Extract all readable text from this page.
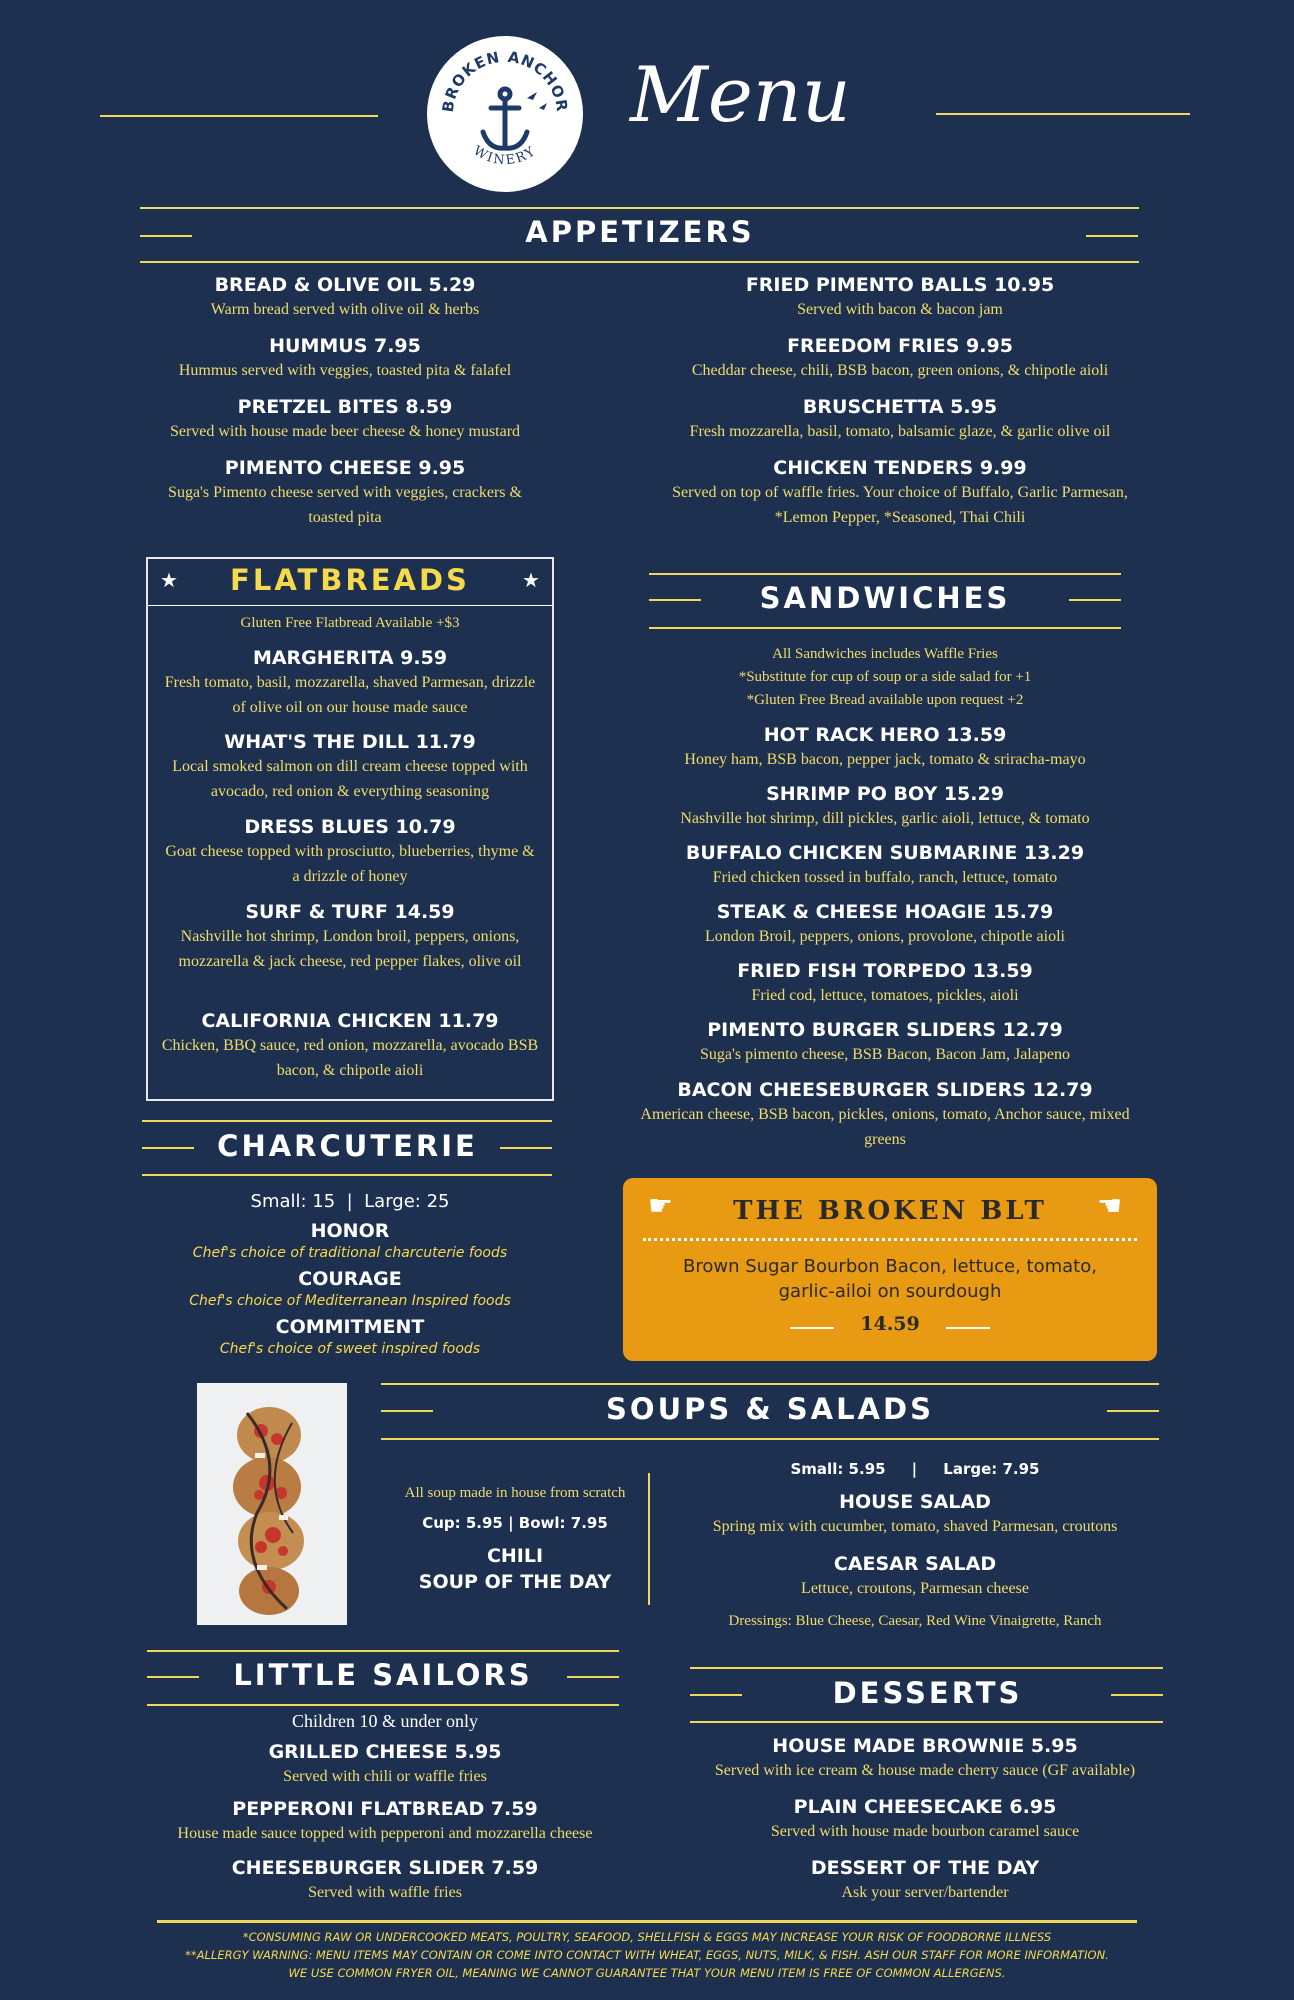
BROKEN ANCHOR
WINERY
Menu
APPETIZERS
BREAD & OLIVE OIL 5.29
Warm bread served with olive oil & herbs
HUMMUS 7.95
Hummus served with veggies, toasted pita & falafel
PRETZEL BITES 8.59
Served with house made beer cheese & honey mustard
PIMENTO CHEESE 9.95
Suga's Pimento cheese served with veggies, crackers & toasted pita
FRIED PIMENTO BALLS 10.95
Served with bacon & bacon jam
FREEDOM FRIES 9.95
Cheddar cheese, chili, BSB bacon, green onions, & chipotle aioli
BRUSCHETTA 5.95
Fresh mozzarella, basil, tomato, balsamic glaze, & garlic olive oil
CHICKEN TENDERS 9.99
Served on top of waffle fries. Your choice of Buffalo, Garlic Parmesan, *Lemon Pepper, *Seasoned, Thai Chili
★	★
FLATBREADS
Gluten Free Flatbread Available +$3
MARGHERITA 9.59
Fresh tomato, basil, mozzarella, shaved Parmesan, drizzle of olive oil on our house made sauce
WHAT'S THE DILL 11.79
Local smoked salmon on dill cream cheese topped with avocado, red onion & everything seasoning
DRESS BLUES 10.79
Goat cheese topped with prosciutto, blueberries, thyme & a drizzle of honey
SURF & TURF 14.59
Nashville hot shrimp, London broil, peppers, onions, mozzarella & jack cheese, red pepper flakes, olive oil
CALIFORNIA CHICKEN 11.79
Chicken, BBQ sauce, red onion, mozzarella, avocado BSB bacon, & chipotle aioli
SANDWICHES
All Sandwiches includes Waffle Fries
*Substitute for cup of soup or a side salad for +1
*Gluten Free Bread available upon request +2
HOT RACK HERO 13.59
Honey ham, BSB bacon, pepper jack, tomato & sriracha-mayo
SHRIMP PO BOY 15.29
Nashville hot shrimp, dill pickles, garlic aioli, lettuce, & tomato
BUFFALO CHICKEN SUBMARINE 13.29
Fried chicken tossed in buffalo, ranch, lettuce, tomato
STEAK & CHEESE HOAGIE 15.79
London Broil, peppers, onions, provolone, chipotle aioli
FRIED FISH TORPEDO 13.59
Fried cod, lettuce, tomatoes, pickles, aioli
PIMENTO BURGER SLIDERS 12.79
Suga's pimento cheese, BSB Bacon, Bacon Jam, Jalapeno
BACON CHEESEBURGER SLIDERS 12.79
American cheese, BSB bacon, pickles, onions, tomato, Anchor sauce, mixed greens
CHARCUTERIE
Small: 15  |  Large: 25
HONOR
Chef's choice of traditional charcuterie foods
COURAGE
Chef's choice of Mediterranean Inspired foods
COMMITMENT
Chef's choice of sweet inspired foods
☛	☚
THE BROKEN BLT
Brown Sugar Bourbon Bacon, lettuce, tomato, garlic-ailoi on sourdough
14.59
SOUPS & SALADS
All soup made in house from scratch
Cup: 5.95 | Bowl: 7.95
CHILI
SOUP OF THE DAY
Small: 5.95     |     Large: 7.95
HOUSE SALAD
Spring mix with cucumber, tomato, shaved Parmesan, croutons
CAESAR SALAD
Lettuce, croutons, Parmesan cheese
Dressings: Blue Cheese, Caesar, Red Wine Vinaigrette, Ranch
LITTLE SAILORS
Children 10 & under only
GRILLED CHEESE 5.95
Served with chili or waffle fries
PEPPERONI FLATBREAD 7.59
House made sauce topped with pepperoni and mozzarella cheese
CHEESEBURGER SLIDER 7.59
Served with waffle fries
DESSERTS
HOUSE MADE BROWNIE 5.95
Served with ice cream & house made cherry sauce (GF available)
PLAIN CHEESECAKE 6.95
Served with house made bourbon caramel sauce
DESSERT OF THE DAY
Ask your server/bartender
*CONSUMING RAW OR UNDERCOOKED MEATS, POULTRY, SEAFOOD, SHELLFISH & EGGS MAY INCREASE YOUR RISK OF FOODBORNE ILLNESS
**ALLERGY WARNING: MENU ITEMS MAY CONTAIN OR COME INTO CONTACT WITH WHEAT, EGGS, NUTS, MILK, & FISH. ASH OUR STAFF FOR MORE INFORMATION.
WE USE COMMON FRYER OIL, MEANING WE CANNOT GUARANTEE THAT YOUR MENU ITEM IS FREE OF COMMON ALLERGENS.
